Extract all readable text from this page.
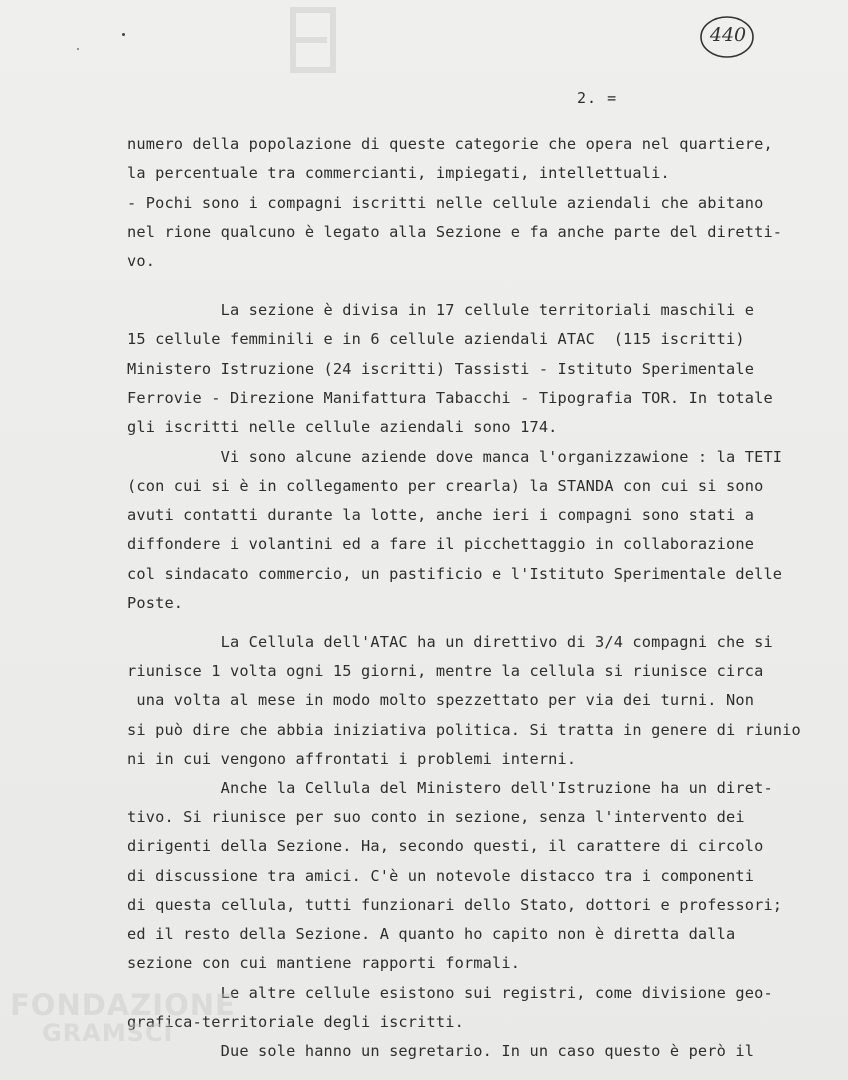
440
2. =
numero della popolazione di queste categorie che opera nel quartiere,
la percentuale tra commercianti, impiegati, intellettuali.
- Pochi sono i compagni iscritti nelle cellule aziendali che abitano
nel rione qualcuno è legato alla Sezione e fa anche parte del diretti-
vo.
La sezione è divisa in 17 cellule territoriali maschili e
15 cellule femminili e in 6 cellule aziendali ATAC  (115 iscritti)
Ministero Istruzione (24 iscritti) Tassisti - Istituto Sperimentale
Ferrovie - Direzione Manifattura Tabacchi - Tipografia TOR. In totale
gli iscritti nelle cellule aziendali sono 174.
Vi sono alcune aziende dove manca l'organizzawione : la TETI
(con cui si è in collegamento per crearla) la STANDA con cui si sono
avuti contatti durante la lotte, anche ieri i compagni sono stati a
diffondere i volantini ed a fare il picchettaggio in collaborazione
col sindacato commercio, un pastificio e l'Istituto Sperimentale delle
Poste.
La Cellula dell'ATAC ha un direttivo di 3/4 compagni che si
riunisce 1 volta ogni 15 giorni, mentre la cellula si riunisce circa
una volta al mese in modo molto spezzettato per via dei turni. Non
si può dire che abbia iniziativa politica. Si tratta in genere di riunio
ni in cui vengono affrontati i problemi interni.
Anche la Cellula del Ministero dell'Istruzione ha un diret-
tivo. Si riunisce per suo conto in sezione, senza l'intervento dei
dirigenti della Sezione. Ha, secondo questi, il carattere di circolo
di discussione tra amici. C'è un notevole distacco tra i componenti
di questa cellula, tutti funzionari dello Stato, dottori e professori;
ed il resto della Sezione. A quanto ho capito non è diretta dalla
sezione con cui mantiene rapporti formali.
Le altre cellule esistono sui registri, come divisione geo-
grafica-territoriale degli iscritti.
Due sole hanno un segretario. In un caso questo è però il
FONDAZIONE
GRAMSCI
